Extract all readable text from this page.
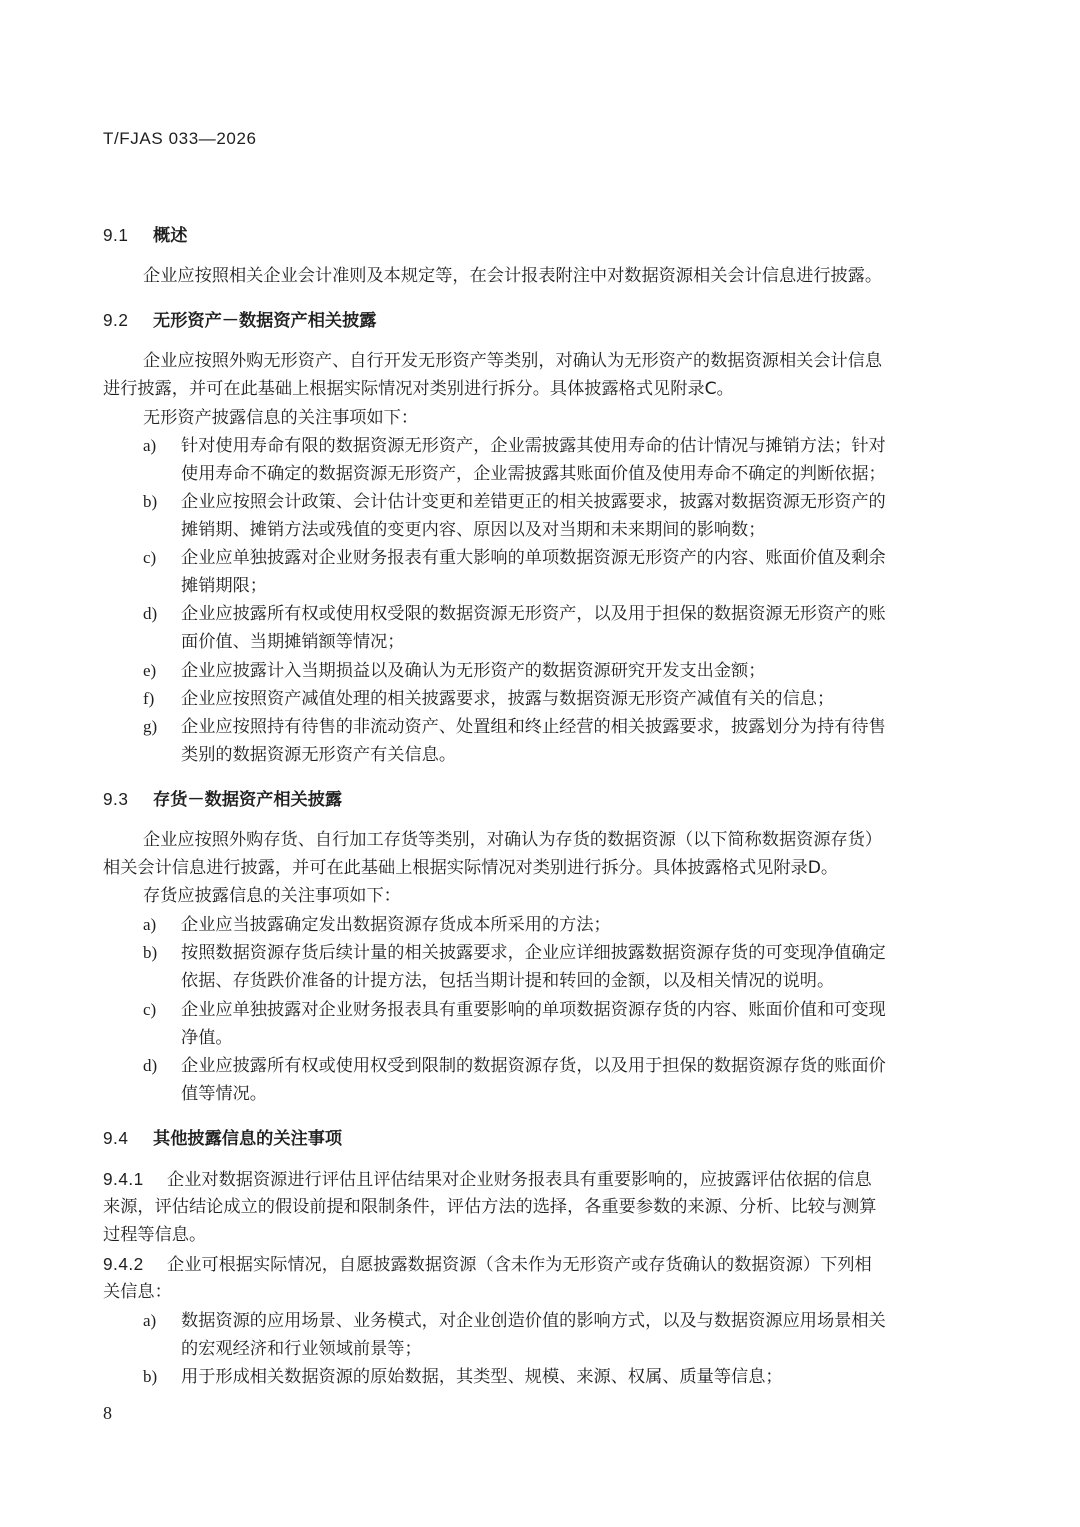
T/FJAS 033—2026
9.1 概述
企业应按照相关企业会计准则及本规定等，在会计报表附注中对数据资源相关会计信息进行披露。
9.2 无形资产－数据资产相关披露
企业应按照外购无形资产、自行开发无形资产等类别，对确认为无形资产的数据资源相关会计信息
进行披露，并可在此基础上根据实际情况对类别进行拆分。具体披露格式见附录C。
无形资产披露信息的关注事项如下：
a) 针对使用寿命有限的数据资源无形资产，企业需披露其使用寿命的估计情况与摊销方法；针对
使用寿命不确定的数据资源无形资产，企业需披露其账面价值及使用寿命不确定的判断依据；
b) 企业应按照会计政策、会计估计变更和差错更正的相关披露要求，披露对数据资源无形资产的
摊销期、摊销方法或残值的变更内容、原因以及对当期和未来期间的影响数；
c) 企业应单独披露对企业财务报表有重大影响的单项数据资源无形资产的内容、账面价值及剩余
摊销期限；
d) 企业应披露所有权或使用权受限的数据资源无形资产，以及用于担保的数据资源无形资产的账
面价值、当期摊销额等情况；
e) 企业应披露计入当期损益以及确认为无形资产的数据资源研究开发支出金额；
f) 企业应按照资产减值处理的相关披露要求，披露与数据资源无形资产减值有关的信息；
g) 企业应按照持有待售的非流动资产、处置组和终止经营的相关披露要求，披露划分为持有待售
类别的数据资源无形资产有关信息。
9.3 存货－数据资产相关披露
企业应按照外购存货、自行加工存货等类别，对确认为存货的数据资源（以下简称数据资源存货）
相关会计信息进行披露，并可在此基础上根据实际情况对类别进行拆分。具体披露格式见附录D。
存货应披露信息的关注事项如下：
a) 企业应当披露确定发出数据资源存货成本所采用的方法；
b) 按照数据资源存货后续计量的相关披露要求，企业应详细披露数据资源存货的可变现净值确定
依据、存货跌价准备的计提方法，包括当期计提和转回的金额，以及相关情况的说明。
c) 企业应单独披露对企业财务报表具有重要影响的单项数据资源存货的内容、账面价值和可变现
净值。
d) 企业应披露所有权或使用权受到限制的数据资源存货，以及用于担保的数据资源存货的账面价
值等情况。
9.4 其他披露信息的关注事项
9.4.1 企业对数据资源进行评估且评估结果对企业财务报表具有重要影响的，应披露评估依据的信息
来源，评估结论成立的假设前提和限制条件，评估方法的选择，各重要参数的来源、分析、比较与测算
过程等信息。
9.4.2 企业可根据实际情况，自愿披露数据资源（含未作为无形资产或存货确认的数据资源）下列相
关信息：
a) 数据资源的应用场景、业务模式，对企业创造价值的影响方式，以及与数据资源应用场景相关
的宏观经济和行业领域前景等；
b) 用于形成相关数据资源的原始数据，其类型、规模、来源、权属、质量等信息；
8
